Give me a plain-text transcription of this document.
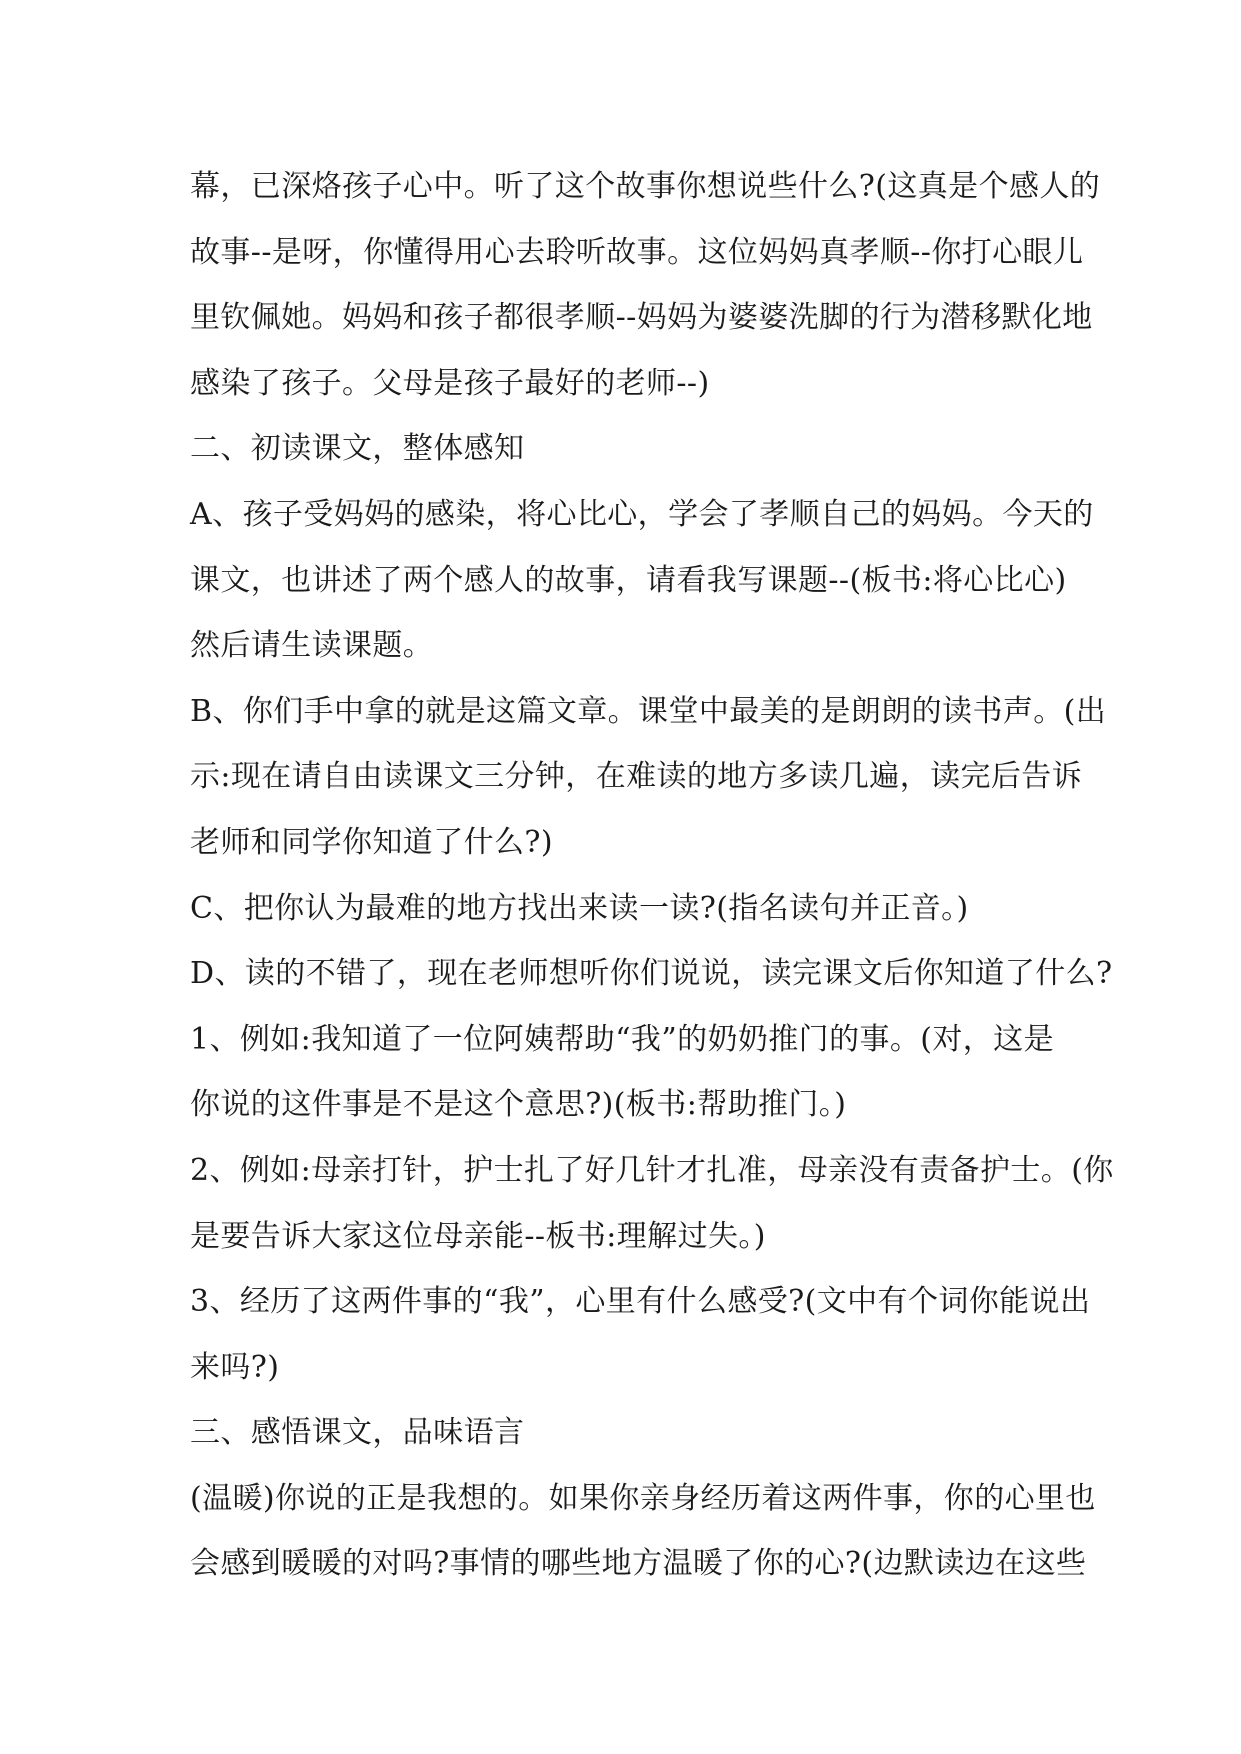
幕，已深烙孩子心中。听了这个故事你想说些什么?(这真是个感人的
故事--是呀，你懂得用心去聆听故事。这位妈妈真孝顺--你打心眼儿
里钦佩她。妈妈和孩子都很孝顺--妈妈为婆婆洗脚的行为潜移默化地
感染了孩子。父母是孩子最好的老师--)
二、初读课文，整体感知
A、孩子受妈妈的感染，将心比心，学会了孝顺自己的妈妈。今天的
课文，也讲述了两个感人的故事，请看我写课题--(板书:将心比心)
然后请生读课题。
B、你们手中拿的就是这篇文章。课堂中最美的是朗朗的读书声。(出
示:现在请自由读课文三分钟，在难读的地方多读几遍，读完后告诉
老师和同学你知道了什么?)
C、把你认为最难的地方找出来读一读?(指名读句并正音。)
D、读的不错了，现在老师想听你们说说，读完课文后你知道了什么?
1、例如:我知道了一位阿姨帮助“我”的奶奶推门的事。(对，这是
你说的这件事是不是这个意思?)(板书:帮助推门。)
2、例如:母亲打针，护士扎了好几针才扎准，母亲没有责备护士。(你
是要告诉大家这位母亲能--板书:理解过失。)
3、经历了这两件事的“我”，心里有什么感受?(文中有个词你能说出
来吗?)
三、感悟课文，品味语言
(温暖)你说的正是我想的。如果你亲身经历着这两件事，你的心里也
会感到暖暖的对吗?事情的哪些地方温暖了你的心?(边默读边在这些
